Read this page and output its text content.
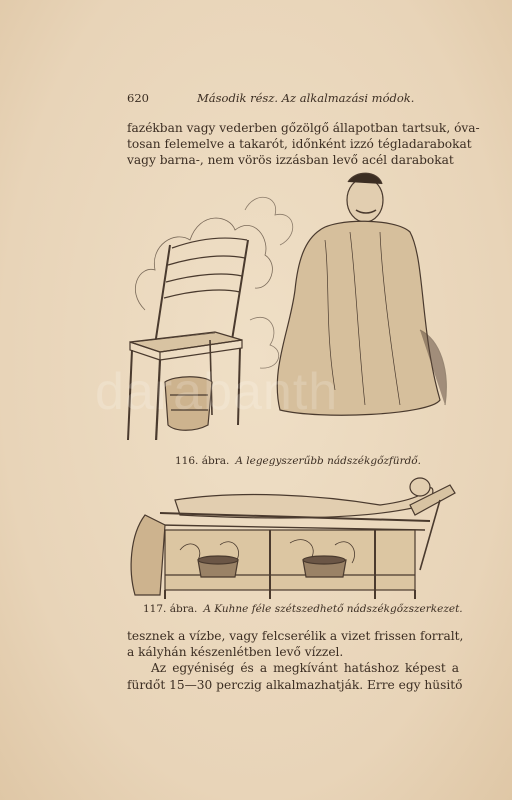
620	Második rész. Az alkalmazási módok.
fazékban vagy vederben gőzölgő állapotban tartsuk, óva-
tosan felemelve a takarót, időnként izzó tégladarabokat
vagy barna-, nem vörös izzásban levő acél darabokat
116. ábra. A legegyszerűbb nádszékgőzfürdő.
117. ábra. A Kuhne féle szétszedhető nádszékgőzszerkezet.
tesznek a vízbe, vagy felcserélik a vizet frissen forralt,
a kályhán készenlétben levő vízzel.
Az egyéniség és a megkívánt hatáshoz képest a
fürdőt 15—30 perczig alkalmazhatják. Erre egy hüsitő
darabanth
